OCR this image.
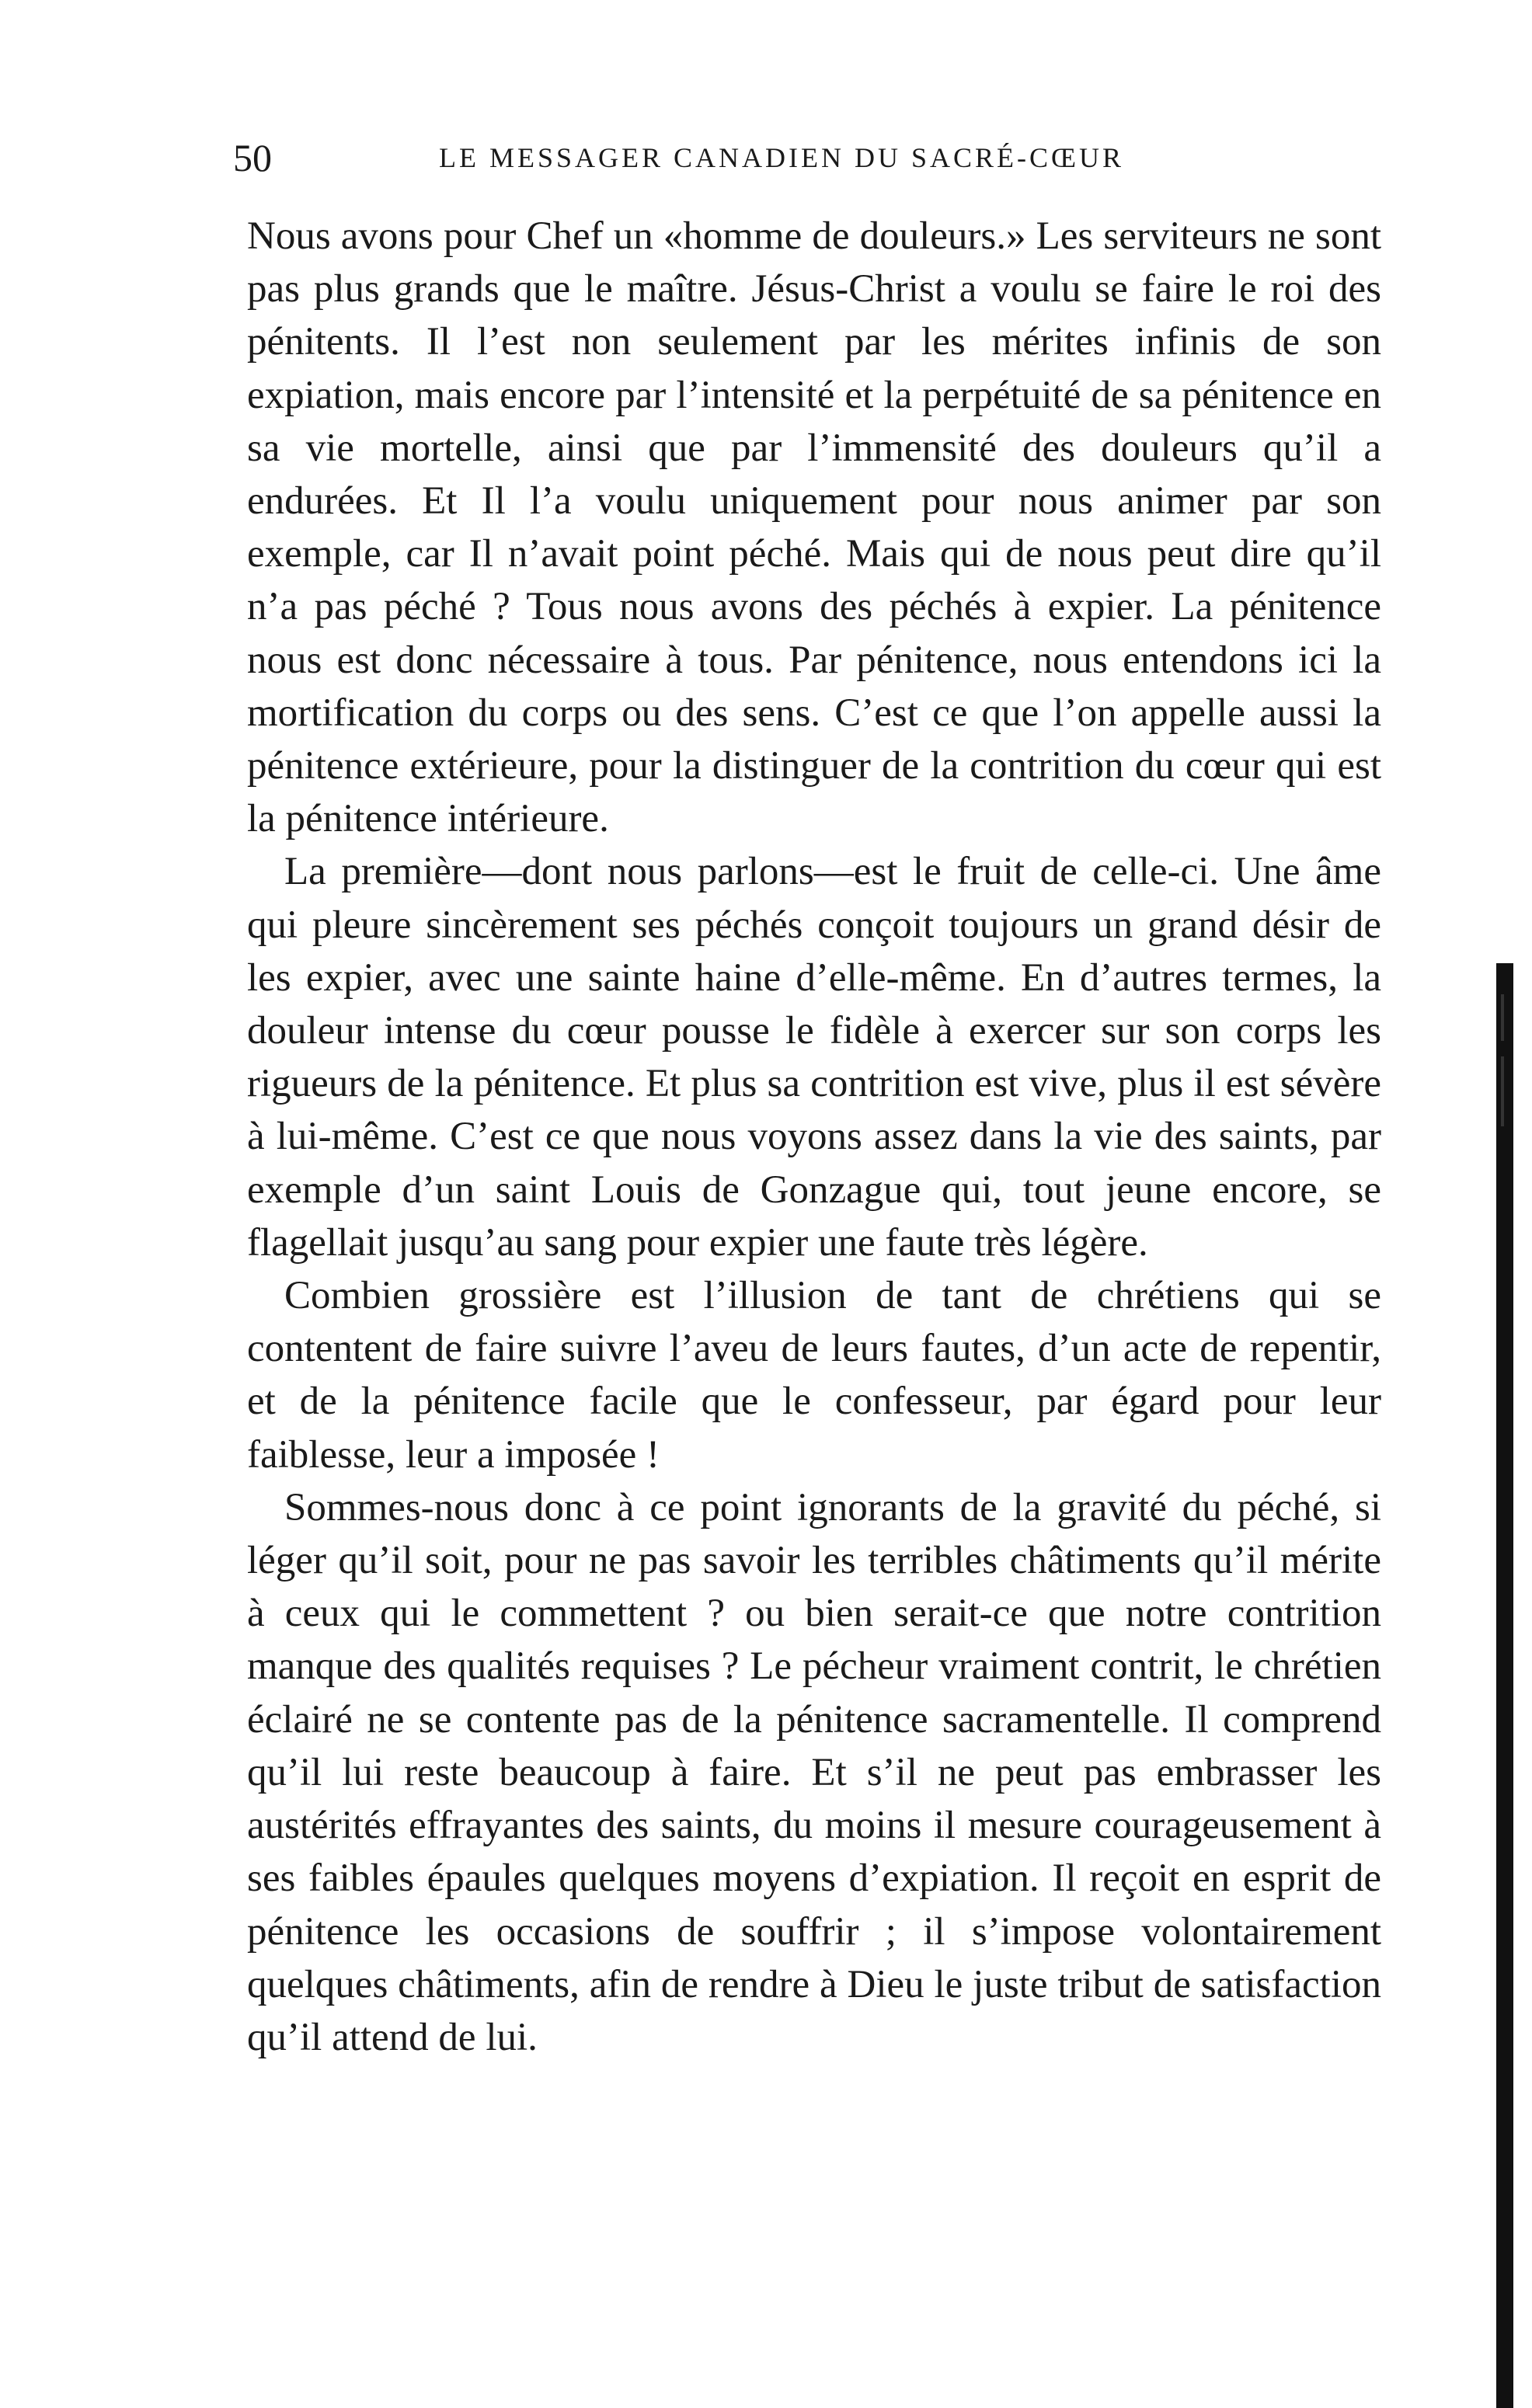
50	LE MESSAGER CANADIEN DU SACRÉ-CŒUR

Nous avons pour Chef un «homme de douleurs.» Les serviteurs ne sont pas plus grands que le maître. Jésus-Christ a voulu se faire le roi des pénitents. Il l’est non seulement par les mérites infinis de son expiation, mais encore par l’intensité et la perpétuité de sa pénitence en sa vie mortelle, ainsi que par l’immensité des douleurs qu’il a endurées. Et Il l’a voulu uniquement pour nous animer par son exemple, car Il n’avait point péché. Mais qui de nous peut dire qu’il n’a pas péché ? Tous nous avons des péchés à expier. La pénitence nous est donc nécessaire à tous. Par pénitence, nous entendons ici la mortification du corps ou des sens. C’est ce que l’on appelle aussi la pénitence extérieure, pour la distinguer de la contrition du cœur qui est la pénitence intérieure.

La première—dont nous parlons—est le fruit de celle-ci. Une âme qui pleure sincèrement ses péchés conçoit toujours un grand désir de les expier, avec une sainte haine d’elle-même. En d’autres termes, la douleur intense du cœur pousse le fidèle à exercer sur son corps les rigueurs de la pénitence. Et plus sa contrition est vive, plus il est sévère à lui-même. C’est ce que nous voyons assez dans la vie des saints, par exemple d’un saint Louis de Gonzague qui, tout jeune encore, se flagellait jusqu’au sang pour expier une faute très légère.

Combien grossière est l’illusion de tant de chrétiens qui se contentent de faire suivre l’aveu de leurs fautes, d’un acte de repentir, et de la pénitence facile que le confesseur, par égard pour leur faiblesse, leur a imposée !

Sommes-nous donc à ce point ignorants de la gravité du péché, si léger qu’il soit, pour ne pas savoir les terribles châtiments qu’il mérite à ceux qui le commettent ? ou bien serait-ce que notre contrition manque des qualités requises ? Le pécheur vraiment contrit, le chrétien éclairé ne se contente pas de la pénitence sacramentelle. Il comprend qu’il lui reste beaucoup à faire. Et s’il ne peut pas embrasser les austérités effrayantes des saints, du moins il mesure courageusement à ses faibles épaules quelques moyens d’expiation. Il reçoit en esprit de pénitence les occasions de souffrir ; il s’impose volontairement quelques châtiments, afin de rendre à Dieu le juste tribut de satisfaction qu’il attend de lui.
